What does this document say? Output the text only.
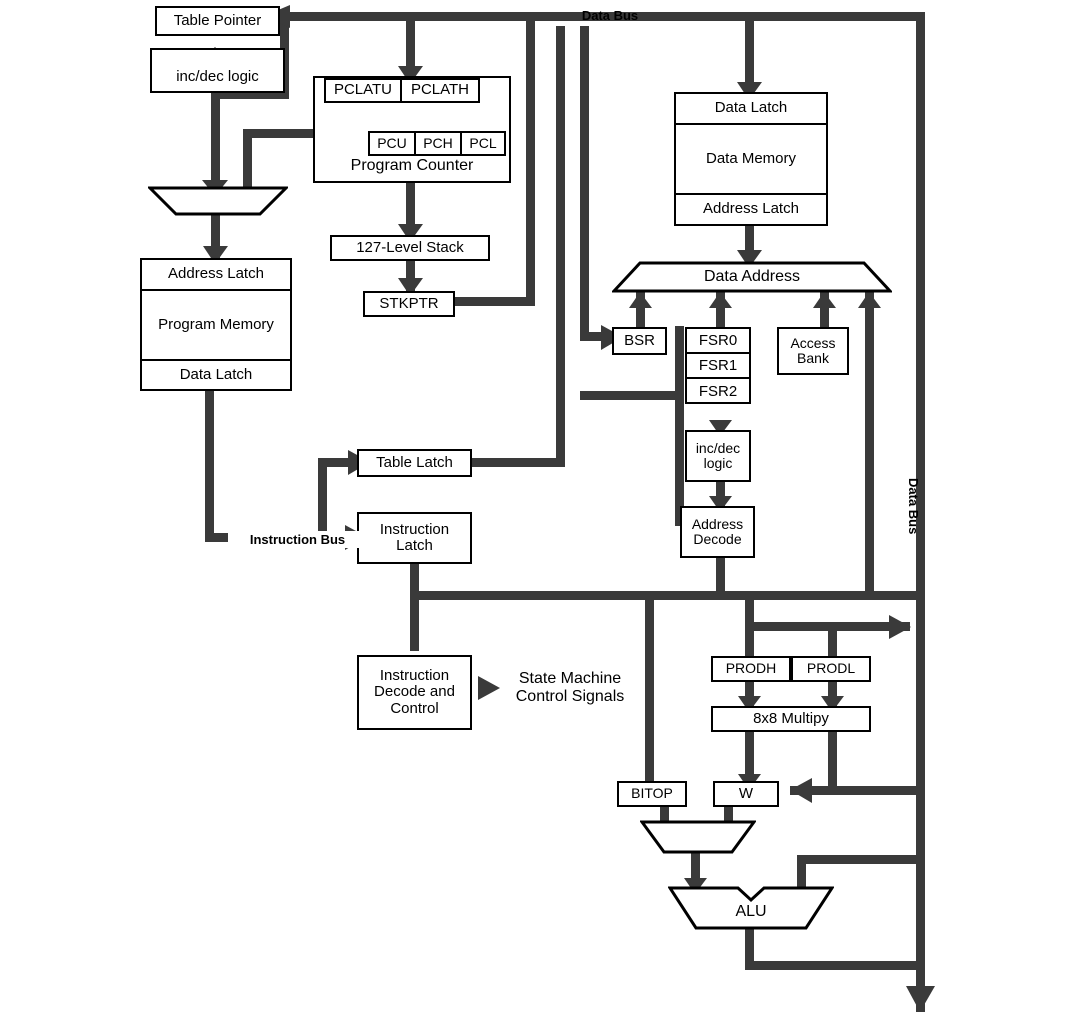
Data Bus
Data Bus
Instruction Bus
State Machine Control Signals
Table Pointer
inc/dec logic
Program Counter
PCLATU	PCLATH
PCU	PCH	PCL
127-Level Stack
STKPTR
Address Latch
Program Memory
Data Latch
Table Latch
Instruction Latch
Instruction Decode and Control
Data Latch
Data Memory
Address Latch
Data Address
BSR	FSR0
FSR1
FSR2
inc/dec logic
Address Decode
Access Bank
PRODH	PRODL
8x8 Multipy
BITOP	W
ALU
